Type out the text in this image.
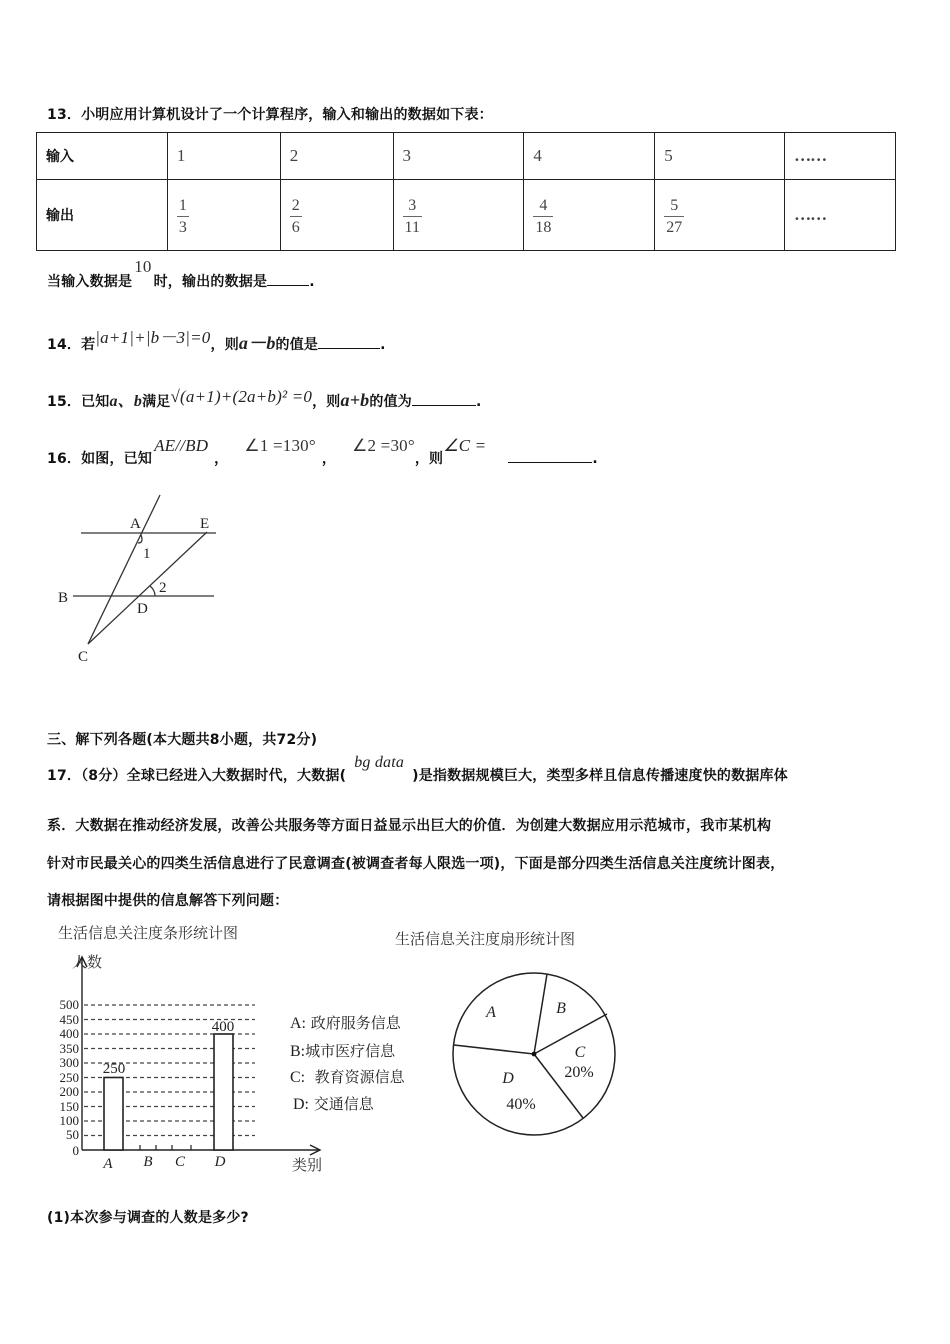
13．小明应用计算机设计了一个计算程序，输入和输出的数据如下表：
输入	1	2	3	4	5	……
输出	$\frac{1}{3}$	$\frac{2}{6}$	$\frac{3}{11}$	$\frac{4}{18}$	$\frac{5}{27}$	……
当输入数据是10时，输出的数据是	.
14．若|a+1|+|b－3|=0，则a－b的值是	.
15．已知a、b满足√(a+1)+(2a+b)² =0，则a+b的值为	.
16．如图，已知AE//BD，∠1 =130°，∠2 =30°，则∠C =.
A	E
B
D
C
1
2
三、解下列各题(本大题共8小题，共72分)
17．（8分）全球已经进入大数据时代，大数据(bg data)是指数据规模巨大，类型多样且信息传播速度快的数据库体
系．大数据在推动经济发展，改善公共服务等方面日益显示出巨大的价值．为创建大数据应用示范城市，我市某机构
针对市民最关心的四类生活信息进行了民意调查(被调查者每人限选一项)，下面是部分四类生活信息关注度统计图表，
请根据图中提供的信息解答下列问题：
生活信息关注度条形统计图
0
50
100
150
200
250
300
350
400
450
500
250
400
A B C D
人数
类别
A: 政府服务信息
B:城市医疗信息
C: 教育资源信息
D: 交通信息
生活信息关注度扇形统计图
A	B
C
20%
D
40%
(1)本次参与调查的人数是多少?
